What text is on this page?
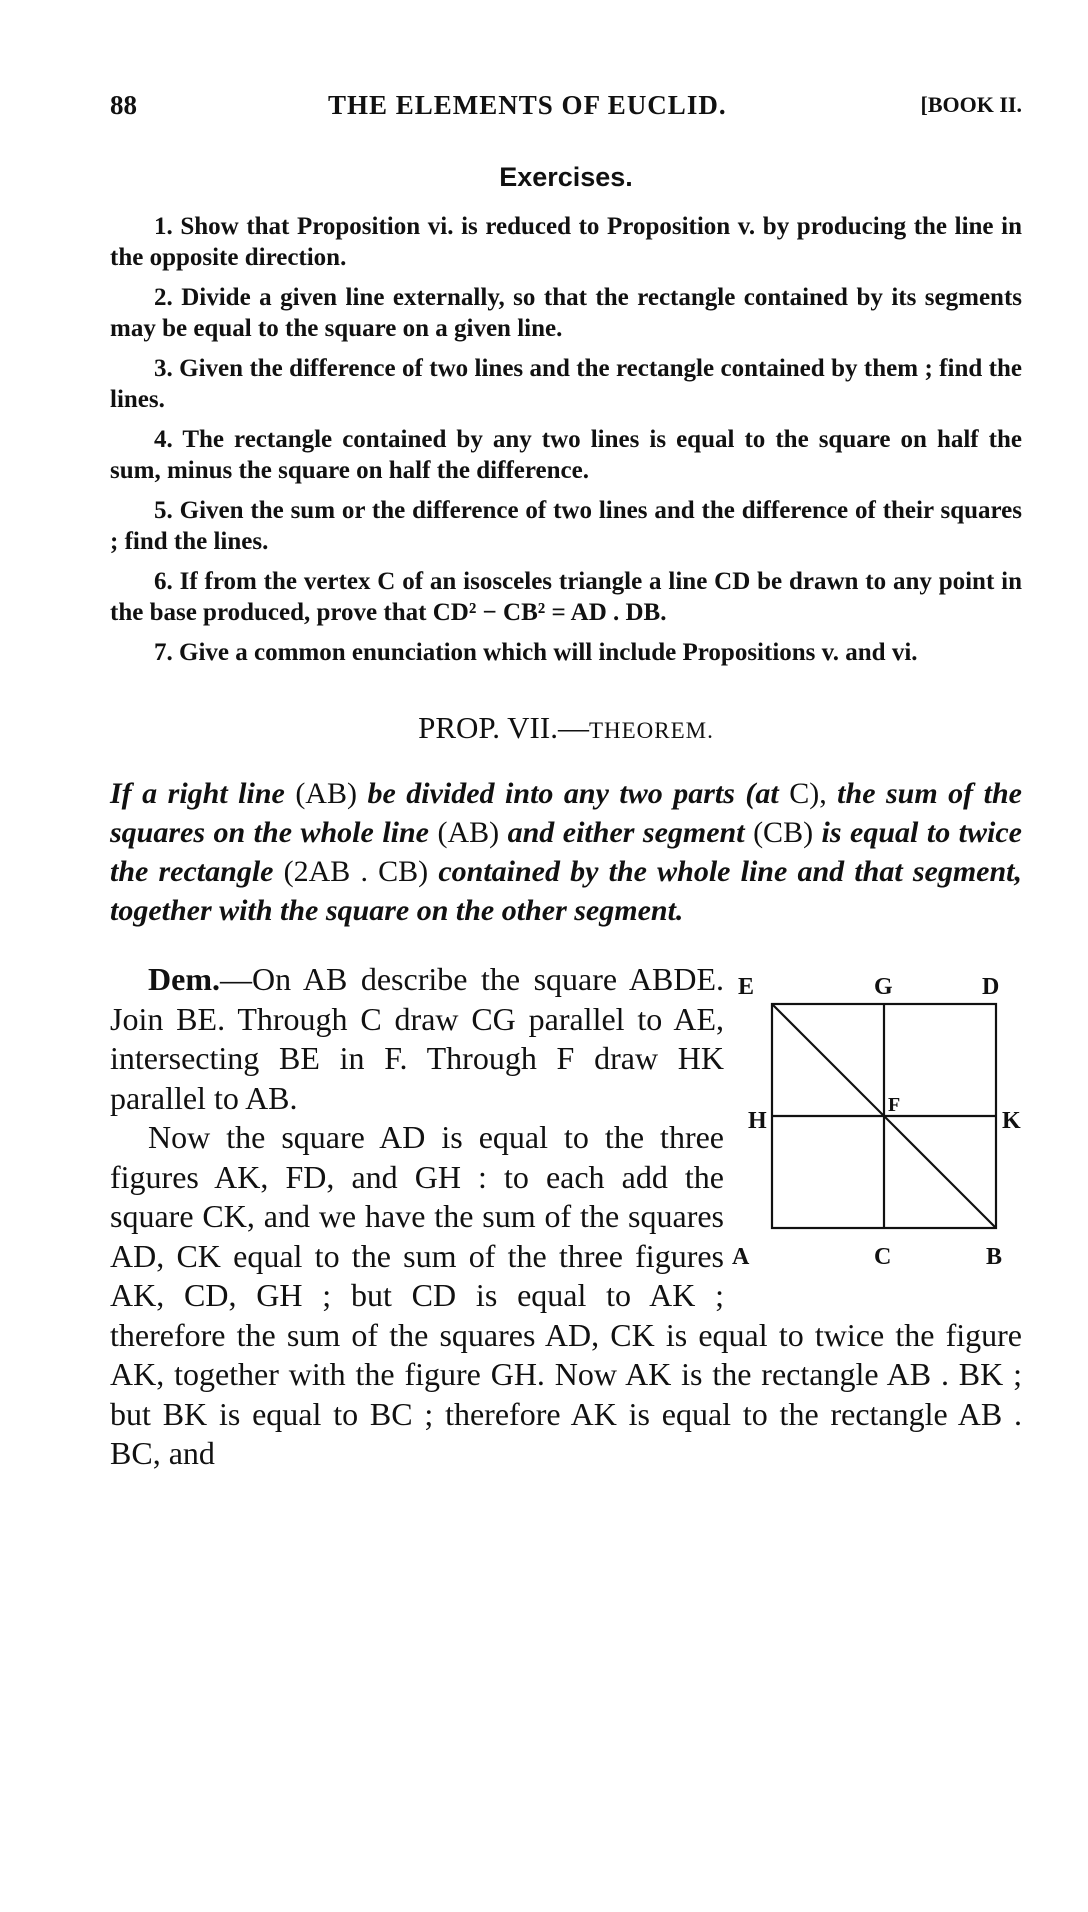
88	THE ELEMENTS OF EUCLID.	[BOOK II.
Exercises.

1. Show that Proposition vi. is reduced to Proposition v. by producing the line in the opposite direction.

2. Divide a given line externally, so that the rectangle contained by its segments may be equal to the square on a given line.

3. Given the difference of two lines and the rectangle contained by them ; find the lines.

4. The rectangle contained by any two lines is equal to the square on half the sum, minus the square on half the difference.

5. Given the sum or the difference of two lines and the difference of their squares ; find the lines.

6. If from the vertex C of an isosceles triangle a line CD be drawn to any point in the base produced, prove that CD² − CB² = AD . DB.

7. Give a common enunciation which will include Propositions v. and vi.

PROP. VII.—THEOREM.

If a right line (AB) be divided into any two parts (at C), the sum of the squares on the whole line (AB) and either segment (CB) is equal to twice the rectangle (2AB . CB) contained by the whole line and that segment, together with the square on the other segment.

E	G	D
H
F
K
A	C	B

Dem.—On AB describe the square ABDE. Join BE. Through C draw CG parallel to AE, intersecting BE in F. Through F draw HK parallel to AB.

Now the square AD is equal to the three figures AK, FD, and GH : to each add the square CK, and we have the sum of the squares AD, CK equal to the sum of the three figures AK, CD, GH ; but CD is equal to AK ; therefore the sum of the squares AD, CK is equal to twice the figure AK, together with the figure GH. Now AK is the rectangle AB . BK ; but BK is equal to BC ; therefore AK is equal to the rectangle AB . BC, and
